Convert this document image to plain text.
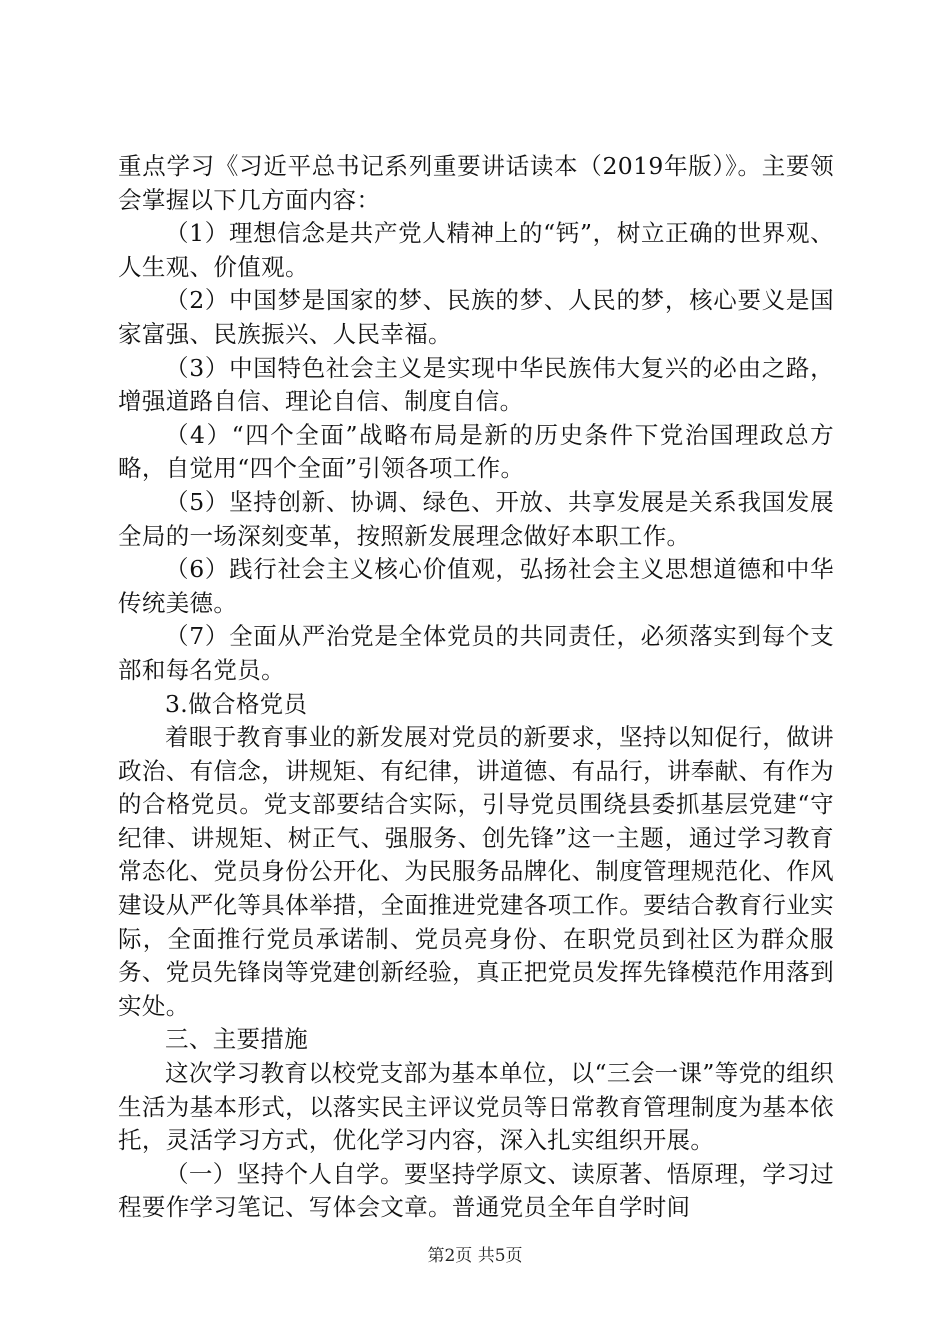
重点学习《习近平总书记系列重要讲话读本（2019年版）》。主要领会掌握以下几方面内容：

（1）理想信念是共产党人精神上的“钙”，树立正确的世界观、人生观、价值观。

（2）中国梦是国家的梦、民族的梦、人民的梦，核心要义是国家富强、民族振兴、人民幸福。

（3）中国特色社会主义是实现中华民族伟大复兴的必由之路，增强道路自信、理论自信、制度自信。

（4）“四个全面”战略布局是新的历史条件下党治国理政总方略，自觉用“四个全面”引领各项工作。

（5）坚持创新、协调、绿色、开放、共享发展是关系我国发展全局的一场深刻变革，按照新发展理念做好本职工作。

（6）践行社会主义核心价值观，弘扬社会主义思想道德和中华传统美德。

（7）全面从严治党是全体党员的共同责任，必须落实到每个支部和每名党员。

3.做合格党员

着眼于教育事业的新发展对党员的新要求，坚持以知促行，做讲政治、有信念，讲规矩、有纪律，讲道德、有品行，讲奉献、有作为的合格党员。党支部要结合实际，引导党员围绕县委抓基层党建“守纪律、讲规矩、树正气、强服务、创先锋”这一主题，通过学习教育常态化、党员身份公开化、为民服务品牌化、制度管理规范化、作风建设从严化等具体举措，全面推进党建各项工作。要结合教育行业实际，全面推行党员承诺制、党员亮身份、在职党员到社区为群众服务、党员先锋岗等党建创新经验，真正把党员发挥先锋模范作用落到实处。

三、主要措施

这次学习教育以校党支部为基本单位，以“三会一课”等党的组织生活为基本形式，以落实民主评议党员等日常教育管理制度为基本依托，灵活学习方式，优化学习内容，深入扎实组织开展。

（一）坚持个人自学。要坚持学原文、读原著、悟原理，学习过程要作学习笔记、写体会文章。普通党员全年自学时间

第2页 共5页
